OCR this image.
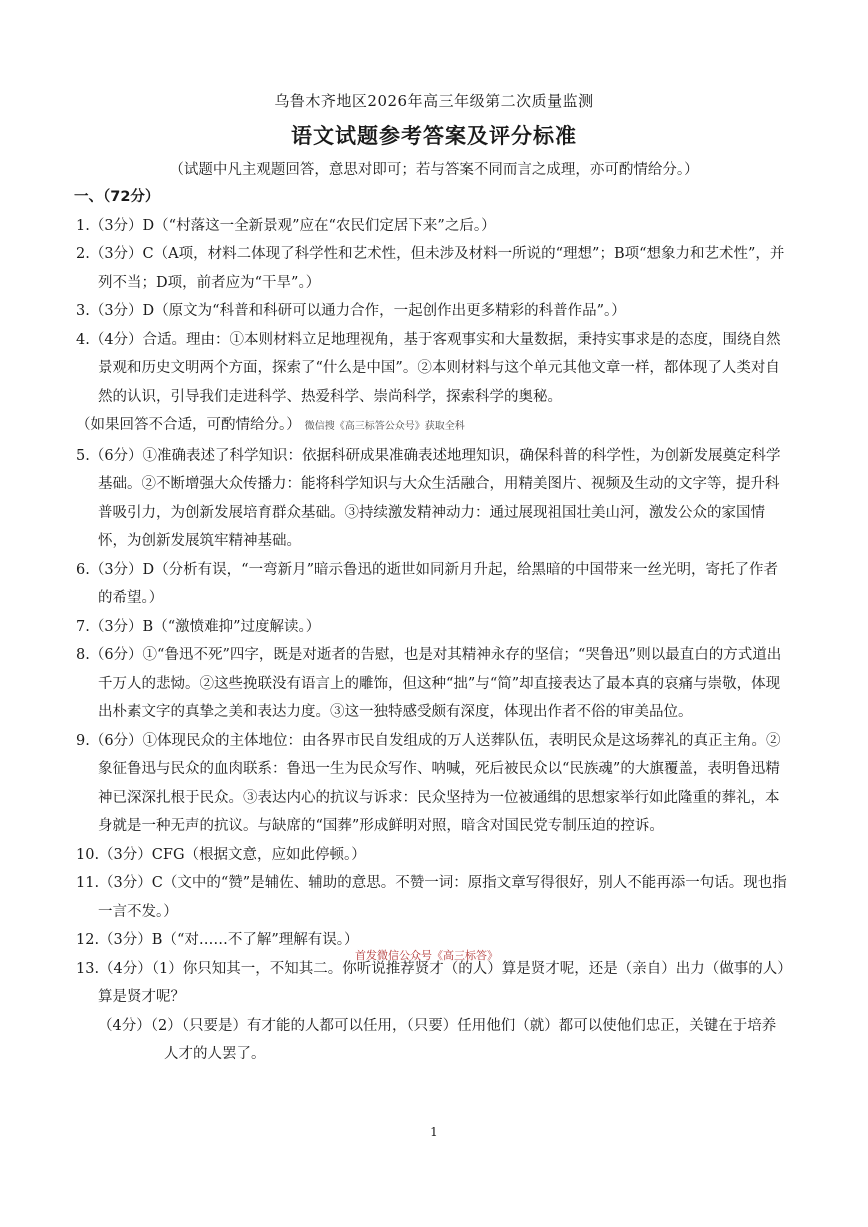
乌鲁木齐地区2026年高三年级第二次质量监测
语文试题参考答案及评分标准
（试题中凡主观题回答，意思对即可；若与答案不同而言之成理，亦可酌情给分。）
一、（72分）
1.（3分）D（“村落这一全新景观”应在“农民们定居下来”之后。）
2.（3分）C（A项，材料二体现了科学性和艺术性，但未涉及材料一所说的“理想”；B项“想象力和艺术性”，并列不当；D项，前者应为“干旱”。）
3.（3分）D（原文为“科普和科研可以通力合作，一起创作出更多精彩的科普作品”。）
4.（4分）合适。理由：①本则材料立足地理视角，基于客观事实和大量数据，秉持实事求是的态度，围绕自然景观和历史文明两个方面，探索了“什么是中国”。②本则材料与这个单元其他文章一样，都体现了人类对自然的认识，引导我们走进科学、热爱科学、崇尚科学，探索科学的奥秘。
（如果回答不合适，可酌情给分。） 微信搜《高三标答公众号》获取全科
5.（6分）①准确表述了科学知识：依据科研成果准确表述地理知识，确保科普的科学性，为创新发展奠定科学基础。②不断增强大众传播力：能将科学知识与大众生活融合，用精美图片、视频及生动的文字等，提升科普吸引力，为创新发展培育群众基础。③持续激发精神动力：通过展现祖国壮美山河，激发公众的家国情怀，为创新发展筑牢精神基础。
6.（3分）D（分析有误，“一弯新月”暗示鲁迅的逝世如同新月升起，给黑暗的中国带来一丝光明，寄托了作者的希望。）
7.（3分）B（“激愤难抑”过度解读。）
8.（6分）①“鲁迅不死”四字，既是对逝者的告慰，也是对其精神永存的坚信；“哭鲁迅”则以最直白的方式道出千万人的悲恸。②这些挽联没有语言上的雕饰，但这种“拙”与“简”却直接表达了最本真的哀痛与崇敬，体现出朴素文字的真挚之美和表达力度。③这一独特感受颇有深度，体现出作者不俗的审美品位。
9.（6分）①体现民众的主体地位：由各界市民自发组成的万人送葬队伍，表明民众是这场葬礼的真正主角。②象征鲁迅与民众的血肉联系：鲁迅一生为民众写作、呐喊，死后被民众以“民族魂”的大旗覆盖，表明鲁迅精神已深深扎根于民众。③表达内心的抗议与诉求：民众坚持为一位被通缉的思想家举行如此隆重的葬礼，本身就是一种无声的抗议。与缺席的“国葬”形成鲜明对照，暗含对国民党专制压迫的控诉。
10.（3分）CFG（根据文意，应如此停顿。）
11.（3分）C（文中的“赞”是辅佐、辅助的意思。不赞一词：原指文章写得很好，别人不能再添一句话。现也指一言不发。）
12.（3分）B（“对……不了解”理解有误。）
13.（4分）（1）你只知其一，不知其二。你听说推荐贤才（的人）算是贤才呢，还是（亲自）出力（做事的人）算是贤才呢？
（4分）（2）（只要是）有才能的人都可以任用，（只要）任用他们（就）都可以使他们忠正，关键在于培养人才的人罢了。
首发微信公众号《高三标答》
1
